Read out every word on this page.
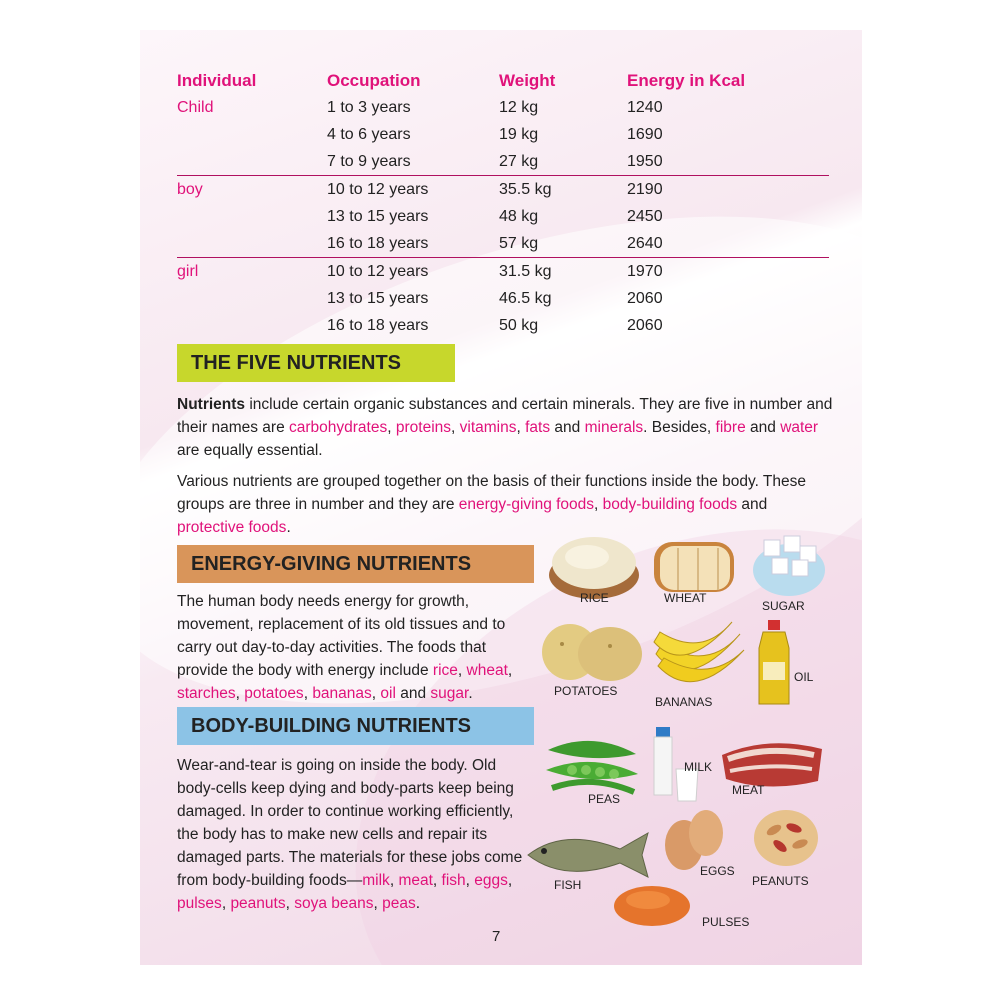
Individual	Occupation	Weight	Energy in Kcal
Child	1 to 3 years	12 kg	1240
	4 to 6 years	19 kg	1690
	7 to 9 years	27 kg	1950
boy	10 to 12 years	35.5 kg	2190
	13 to 15 years	48 kg	2450
	16 to 18 years	57 kg	2640
girl	10 to 12 years	31.5 kg	1970
	13 to 15 years	46.5 kg	2060
	16 to 18 years	50 kg	2060
THE FIVE NUTRIENTS
Nutrients include certain organic substances and certain minerals. They are five in number and their names are carbohydrates, proteins, vitamins, fats and minerals. Besides, fibre and water are equally essential.
Various nutrients are grouped together on the basis of their functions inside the body. These groups are three in number and they are energy-giving foods, body-building foods and protective foods.
ENERGY-GIVING NUTRIENTS
The human body needs energy for growth, movement, replacement of its old tissues and to carry out day-to-day activities. The foods that provide the body with energy include rice, wheat, starches, potatoes, bananas, oil and sugar.
BODY-BUILDING NUTRIENTS
Wear-and-tear is going on inside the body. Old body-cells keep dying and body-parts keep being damaged. In order to continue working efficiently, the body has to make new cells and repair its damaged parts. The materials for these jobs come from body-building foods—milk, meat, fish, eggs, pulses, peanuts, soya beans, peas.
7
RICE	WHEAT
SUGAR
POTATOES
BANANAS
OIL
PEAS
MILK
MEAT
FISH
EGGS
PEANUTS
PULSES
